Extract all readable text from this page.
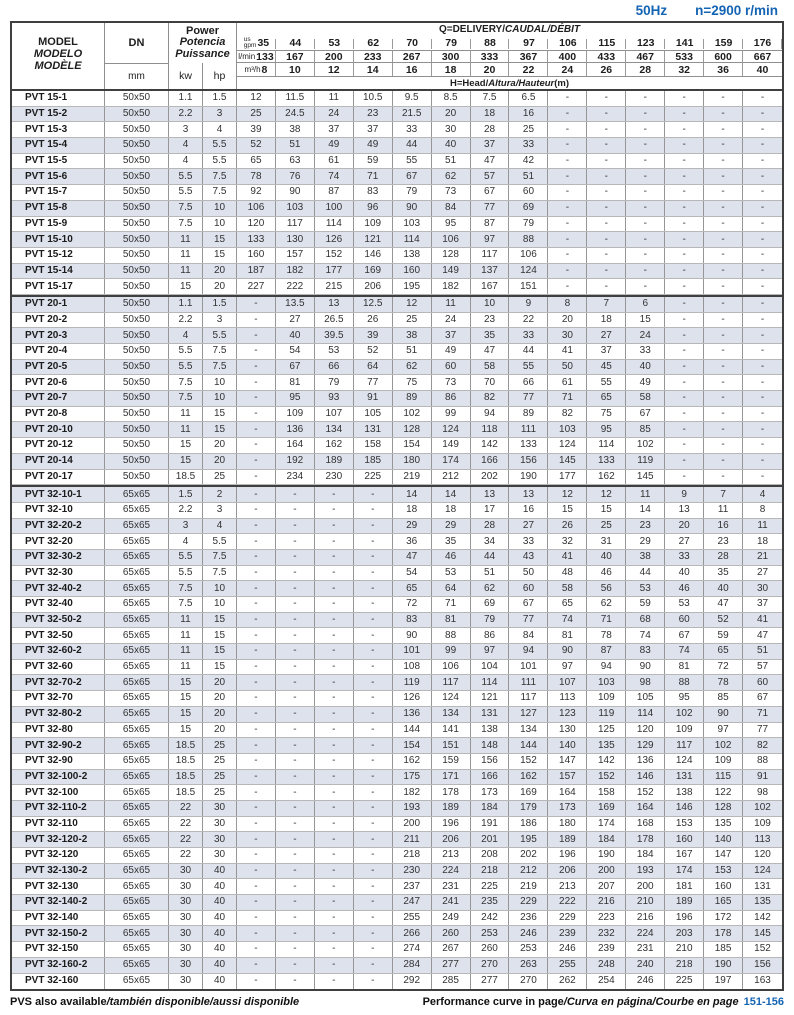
50Hz n=2900 r/min
MODEL
MODELO
MODÈLE
DN
mm
Power
Potencia
Puissance
kw	hp
Q=DELIVERY/ CAUDAL/DÉBIT
H=Head/ Altura/Hauteur (m)
us
gpm 35 44	53	62	70	79	88	97 106 115 123 141 159 176
l/min 133 167 200 233 267 300 333 367 400 433 467 533 600 667
m³/h 8 10	12	14	16	18	20	22	24	26	28	32	36	40
PVT 15-1	50x50	1.1	1.5	12	11.5	11	10.5	9.5	8.5	7.5	6.5	-	-	-	-	-	-
PVT 15-2	50x50	2.2	3	25	24.5	24	23	21.5	20	18	16	-	-	-	-	-	-
PVT 15-3	50x50	3	4	39	38	37	37	33	30	28	25	-	-	-	-	-	-
PVT 15-4	50x50	4	5.5	52	51	49	49	44	40	37	33	-	-	-	-	-	-
PVT 15-5	50x50	4	5.5	65	63	61	59	55	51	47	42	-	-	-	-	-	-
PVT 15-6	50x50	5.5	7.5	78	76	74	71	67	62	57	51	-	-	-	-	-	-
PVT 15-7	50x50	5.5	7.5	92	90	87	83	79	73	67	60	-	-	-	-	-	-
PVT 15-8	50x50	7.5	10	106	103	100	96	90	84	77	69	-	-	-	-	-	-
PVT 15-9	50x50	7.5	10	120	117	114	109	103	95	87	79	-	-	-	-	-	-
PVT 15-10	50x50	11	15	133	130	126	121	114	106	97	88	-	-	-	-	-	-
PVT 15-12	50x50	11	15	160	157	152	146	138	128	117	106	-	-	-	-	-	-
PVT 15-14	50x50	11	20	187	182	177	169	160	149	137	124	-	-	-	-	-	-
PVT 15-17	50x50	15	20	227	222	215	206	195	182	167	151	-	-	-	-	-	-
PVT 20-1	50x50	1.1	1.5	-	13.5	13	12.5	12	11	10	9	8	7	6	-	-	-
PVT 20-2	50x50	2.2	3	-	27	26.5	26	25	24	23	22	20	18	15	-	-	-
PVT 20-3	50x50	4	5.5	-	40	39.5	39	38	37	35	33	30	27	24	-	-	-
PVT 20-4	50x50	5.5	7.5	-	54	53	52	51	49	47	44	41	37	33	-	-	-
PVT 20-5	50x50	5.5	7.5	-	67	66	64	62	60	58	55	50	45	40	-	-	-
PVT 20-6	50x50	7.5	10	-	81	79	77	75	73	70	66	61	55	49	-	-	-
PVT 20-7	50x50	7.5	10	-	95	93	91	89	86	82	77	71	65	58	-	-	-
PVT 20-8	50x50	11	15	-	109	107	105	102	99	94	89	82	75	67	-	-	-
PVT 20-10	50x50	11	15	-	136	134	131	128	124	118	111	103	95	85	-	-	-
PVT 20-12	50x50	15	20	-	164	162	158	154	149	142	133	124	114	102	-	-	-
PVT 20-14	50x50	15	20	-	192	189	185	180	174	166	156	145	133	119	-	-	-
PVT 20-17	50x50	18.5	25	-	234	230	225	219	212	202	190	177	162	145	-	-	-
PVT 32-10-1	65x65	1.5	2	-	-	-	-	14	14	13	13	12	12	11	9	7	4
PVT 32-10	65x65	2.2	3	-	-	-	-	18	18	17	16	15	15	14	13	11	8
PVT 32-20-2	65x65	3	4	-	-	-	-	29	29	28	27	26	25	23	20	16	11
PVT 32-20	65x65	4	5.5	-	-	-	-	36	35	34	33	32	31	29	27	23	18
PVT 32-30-2	65x65	5.5	7.5	-	-	-	-	47	46	44	43	41	40	38	33	28	21
PVT 32-30	65x65	5.5	7.5	-	-	-	-	54	53	51	50	48	46	44	40	35	27
PVT 32-40-2	65x65	7.5	10	-	-	-	-	65	64	62	60	58	56	53	46	40	30
PVT 32-40	65x65	7.5	10	-	-	-	-	72	71	69	67	65	62	59	53	47	37
PVT 32-50-2	65x65	11	15	-	-	-	-	83	81	79	77	74	71	68	60	52	41
PVT 32-50	65x65	11	15	-	-	-	-	90	88	86	84	81	78	74	67	59	47
PVT 32-60-2	65x65	11	15	-	-	-	-	101	99	97	94	90	87	83	74	65	51
PVT 32-60	65x65	11	15	-	-	-	-	108	106	104	101	97	94	90	81	72	57
PVT 32-70-2	65x65	15	20	-	-	-	-	119	117	114	111	107	103	98	88	78	60
PVT 32-70	65x65	15	20	-	-	-	-	126	124	121	117	113	109	105	95	85	67
PVT 32-80-2	65x65	15	20	-	-	-	-	136	134	131	127	123	119	114	102	90	71
PVT 32-80	65x65	15	20	-	-	-	-	144	141	138	134	130	125	120	109	97	77
PVT 32-90-2	65x65	18.5	25	-	-	-	-	154	151	148	144	140	135	129	117	102	82
PVT 32-90	65x65	18.5	25	-	-	-	-	162	159	156	152	147	142	136	124	109	88
PVT 32-100-2	65x65	18.5	25	-	-	-	-	175	171	166	162	157	152	146	131	115	91
PVT 32-100	65x65	18.5	25	-	-	-	-	182	178	173	169	164	158	152	138	122	98
PVT 32-110-2	65x65	22	30	-	-	-	-	193	189	184	179	173	169	164	146	128	102
PVT 32-110	65x65	22	30	-	-	-	-	200	196	191	186	180	174	168	153	135	109
PVT 32-120-2	65x65	22	30	-	-	-	-	211	206	201	195	189	184	178	160	140	113
PVT 32-120	65x65	22	30	-	-	-	-	218	213	208	202	196	190	184	167	147	120
PVT 32-130-2	65x65	30	40	-	-	-	-	230	224	218	212	206	200	193	174	153	124
PVT 32-130	65x65	30	40	-	-	-	-	237	231	225	219	213	207	200	181	160	131
PVT 32-140-2	65x65	30	40	-	-	-	-	247	241	235	229	222	216	210	189	165	135
PVT 32-140	65x65	30	40	-	-	-	-	255	249	242	236	229	223	216	196	172	142
PVT 32-150-2	65x65	30	40	-	-	-	-	266	260	253	246	239	232	224	203	178	145
PVT 32-150	65x65	30	40	-	-	-	-	274	267	260	253	246	239	231	210	185	152
PVT 32-160-2	65x65	30	40	-	-	-	-	284	277	270	263	255	248	240	218	190	156
PVT 32-160	65x65	30	40	-	-	-	-	292	285	277	270	262	254	246	225	197	163
PVS also available/también disponible/aussi disponible	Performance curve in page/Curva en página/Courbe en page 151-156
